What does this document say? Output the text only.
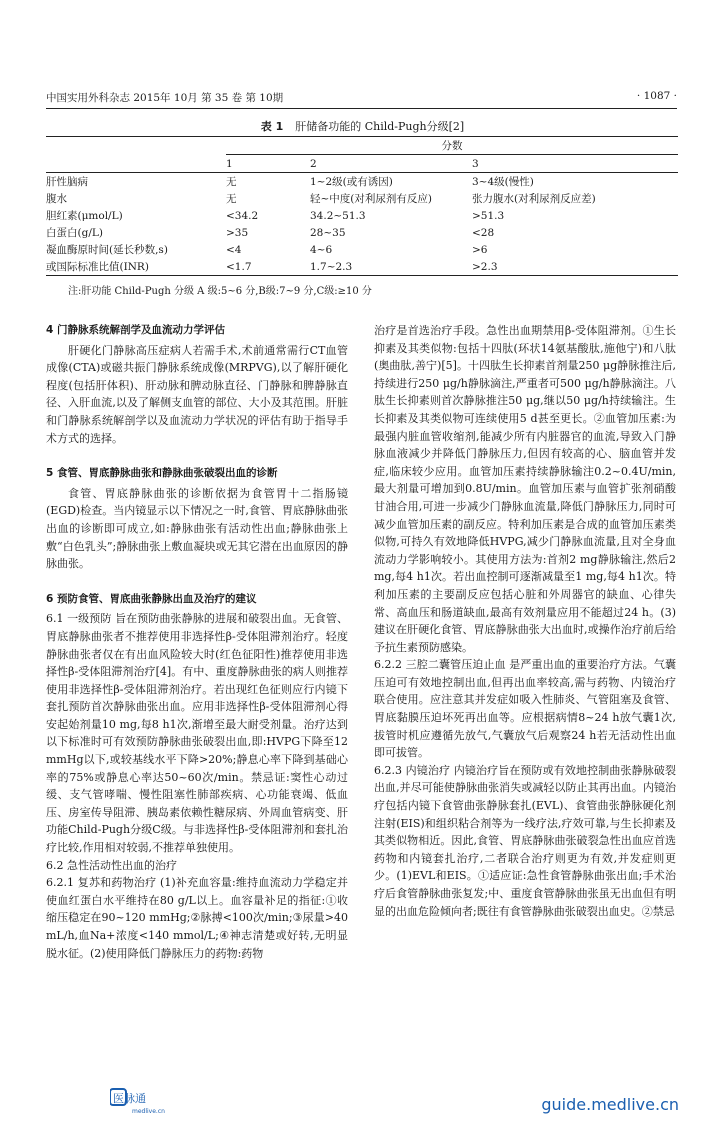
中国实用外科杂志 2015年 10月 第 35 卷 第 10期	· 1087 ·
表 1 肝储备功能的 Child-Pugh分级[2]
	分数		
	1	2	3
肝性脑病	无	1~2级(或有诱因)	3~4级(慢性)
腹水	无	轻~中度(对利尿剂有反应)	张力腹水(对利尿剂反应差)
胆红素(μmol/L)	<34.2	34.2~51.3	>51.3
白蛋白(g/L)	>35	28~35	<28
凝血酶原时间(延长秒数,s)	<4	4~6	>6
或国际标准比值(INR)	<1.7	1.7~2.3	>2.3
注:肝功能 Child-Pugh 分级 A 级:5~6 分,B级:7~9 分,C级:≥10 分
4 门静脉系统解剖学及血流动力学评估

肝硬化门静脉高压症病人若需手术,术前通常需行CT血管成像(CTA)或磁共振门静脉系统成像(MRPVG),以了解肝硬化程度(包括肝体积)、肝动脉和脾动脉直径、门静脉和脾静脉直径、入肝血流,以及了解侧支血管的部位、大小及其范围。肝脏和门静脉系统解剖学以及血流动力学状况的评估有助于指导手术方式的选择。

5 食管、胃底静脉曲张和静脉曲张破裂出血的诊断

食管、胃底静脉曲张的诊断依据为食管胃十二指肠镜(EGD)检查。当内镜显示以下情况之一时,食管、胃底静脉曲张出血的诊断即可成立,如:静脉曲张有活动性出血;静脉曲张上敷“白色乳头”;静脉曲张上敷血凝块或无其它潜在出血原因的静脉曲张。

6 预防食管、胃底曲张静脉出血及治疗的建议

6.1 一级预防 旨在预防曲张静脉的进展和破裂出血。无食管、胃底静脉曲张者不推荐使用非选择性β-受体阻滞剂治疗。轻度静脉曲张者仅在有出血风险较大时(红色征阳性)推荐使用非选择性β-受体阻滞剂治疗[4]。有中、重度静脉曲张的病人则推荐使用非选择性β-受体阻滞剂治疗。若出现红色征则应行内镜下套扎预防首次静脉曲张出血。应用非选择性β-受体阻滞剂心得安起始剂量10 mg,每8 h1次,渐增至最大耐受剂量。治疗达到以下标准时可有效预防静脉曲张破裂出血,即:HVPG下降至12 mmHg以下,或较基线水平下降>20%;静息心率下降到基础心率的75%或静息心率达50~60次/min。禁忌证:窦性心动过缓、支气管哮喘、慢性阻塞性肺部疾病、心功能衰竭、低血压、房室传导阻滞、胰岛素依赖性糖尿病、外周血管病变、肝功能Child-Pugh分级C级。与非选择性β-受体阻滞剂和套扎治疗比较,作用相对较弱,不推荐单独使用。

6.2 急性活动性出血的治疗

6.2.1 复苏和药物治疗 (1)补充血容量:维持血流动力学稳定并使血红蛋白水平维持在80 g/L以上。血容量补足的指征:①收缩压稳定在90~120 mmHg;②脉搏<100次/min;③尿量>40 mL/h,血Na+浓度<140 mmol/L;④神志清楚或好转,无明显脱水征。(2)使用降低门静脉压力的药物:药物

治疗是首选治疗手段。急性出血期禁用β-受体阻滞剂。①生长抑素及其类似物:包括十四肽(环状14氨基酸肽,施他宁)和八肽(奥曲肽,善宁)[5]。十四肽生长抑素首剂量250 μg静脉推注后,持续进行250 μg/h静脉滴注,严重者可500 μg/h静脉滴注。八肽生长抑素则首次静脉推注50 μg,继以50 μg/h持续输注。生长抑素及其类似物可连续使用5 d甚至更长。②血管加压素:为最强内脏血管收缩剂,能减少所有内脏器官的血流,导致入门静脉血液减少并降低门静脉压力,但因有较高的心、脑血管并发症,临床较少应用。血管加压素持续静脉输注0.2~0.4U/min,最大剂量可增加到0.8U/min。血管加压素与血管扩张剂硝酸甘油合用,可进一步减少门静脉血流量,降低门静脉压力,同时可减少血管加压素的副反应。特利加压素是合成的血管加压素类似物,可持久有效地降低HVPG,减少门静脉血流量,且对全身血流动力学影响较小。其使用方法为:首剂2 mg静脉输注,然后2 mg,每4 h1次。若出血控制可逐渐减量至1 mg,每4 h1次。特利加压素的主要副反应包括心脏和外周器官的缺血、心律失常、高血压和肠道缺血,最高有效剂量应用不能超过24 h。(3)建议在肝硬化食管、胃底静脉曲张大出血时,或操作治疗前后给予抗生素预防感染。

6.2.2 三腔二囊管压迫止血 是严重出血的重要治疗方法。气囊压迫可有效地控制出血,但再出血率较高,需与药物、内镜治疗联合使用。应注意其并发症如吸入性肺炎、气管阻塞及食管、胃底黏膜压迫坏死再出血等。应根据病情8~24 h放气囊1次,拔管时机应遵循先放气,气囊放气后观察24 h若无活动性出血即可拔管。

6.2.3 内镜治疗 内镜治疗旨在预防或有效地控制曲张静脉破裂出血,并尽可能使静脉曲张消失或减轻以防止其再出血。内镜治疗包括内镜下食管曲张静脉套扎(EVL)、食管曲张静脉硬化剂注射(EIS)和组织粘合剂等为一线疗法,疗效可靠,与生长抑素及其类似物相近。因此,食管、胃底静脉曲张破裂急性出血应首选药物和内镜套扎治疗,二者联合治疗则更为有效,并发症则更少。(1)EVL和EIS。①适应证:急性食管静脉曲张出血;手术治疗后食管静脉曲张复发;中、重度食管静脉曲张虽无出血但有明显的出血危险倾向者;既往有食管静脉曲张破裂出血史。②禁忌

医脉通
medlive.cn	guide.medlive.cn
